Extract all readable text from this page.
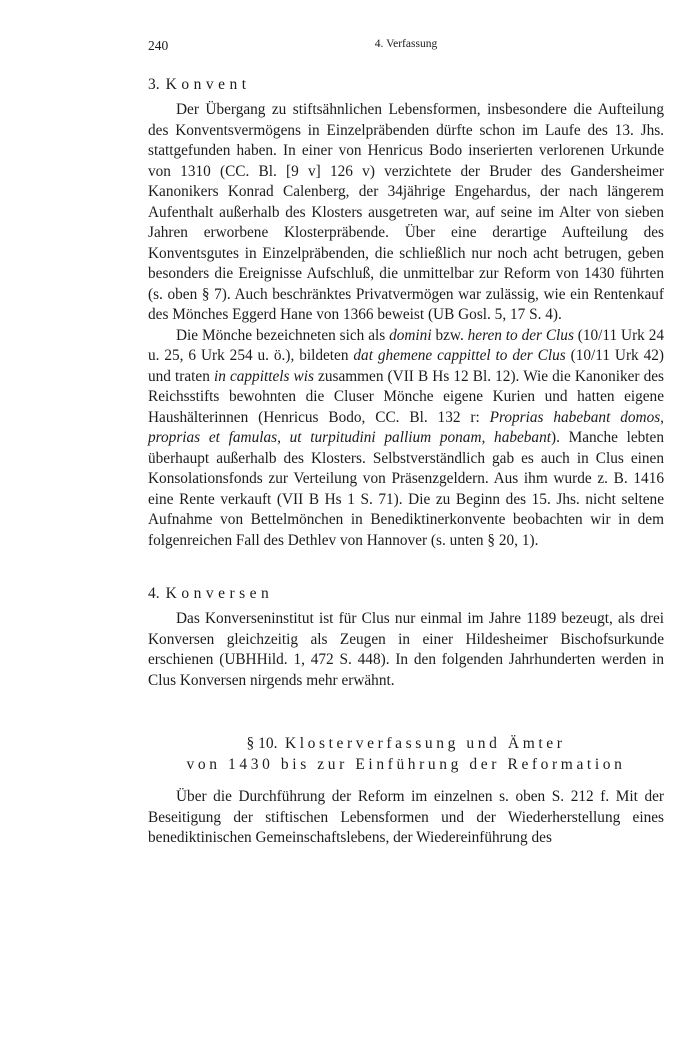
240	4. Verfassung
3. Konvent

Der Übergang zu stiftsähnlichen Lebensformen, insbesondere die Aufteilung des Konventsvermögens in Einzelpräbenden dürfte schon im Laufe des 13. Jhs. stattgefunden haben. In einer von Henricus Bodo inserierten verlorenen Urkunde von 1310 (CC. Bl. [9 v] 126 v) verzichtete der Bruder des Gandersheimer Kanonikers Konrad Calenberg, der 34jährige Engehardus, der nach längerem Aufenthalt außerhalb des Klosters ausgetreten war, auf seine im Alter von sieben Jahren erworbene Klosterpräbende. Über eine derartige Aufteilung des Konventsgutes in Einzelpräbenden, die schließlich nur noch acht betrugen, geben besonders die Ereignisse Aufschluß, die unmittelbar zur Reform von 1430 führten (s. oben § 7). Auch beschränktes Privatvermögen war zulässig, wie ein Rentenkauf des Mönches Eggerd Hane von 1366 beweist (UB Gosl. 5, 17 S. 4).

Die Mönche bezeichneten sich als domini bzw. heren to der Clus (10/11 Urk 24 u. 25, 6 Urk 254 u. ö.), bildeten dat ghemene cappittel to der Clus (10/11 Urk 42) und traten in cappittels wis zusammen (VII B Hs 12 Bl. 12). Wie die Kanoniker des Reichsstifts bewohnten die Cluser Mönche eigene Kurien und hatten eigene Haushälterinnen (Henricus Bodo, CC. Bl. 132 r: Proprias habebant domos, proprias et famulas, ut turpitudini pallium ponam, habebant). Manche lebten überhaupt außerhalb des Klosters. Selbstverständlich gab es auch in Clus einen Konsolationsfonds zur Verteilung von Präsenzgeldern. Aus ihm wurde z. B. 1416 eine Rente verkauft (VII B Hs 1 S. 71). Die zu Beginn des 15. Jhs. nicht seltene Aufnahme von Bettelmönchen in Benediktinerkonvente beobachten wir in dem folgenreichen Fall des Dethlev von Hannover (s. unten § 20, 1).

4. Konversen

Das Konverseninstitut ist für Clus nur einmal im Jahre 1189 bezeugt, als drei Konversen gleichzeitig als Zeugen in einer Hildesheimer Bischofsurkunde erschienen (UBHHild. 1, 472 S. 448). In den folgenden Jahrhunderten werden in Clus Konversen nirgends mehr erwähnt.

§ 10. Klosterverfassung und Ämter
von 1430 bis zur Einführung der Reformation

Über die Durchführung der Reform im einzelnen s. oben S. 212 f. Mit der Beseitigung der stiftischen Lebensformen und der Wiederherstellung eines benediktinischen Gemeinschaftslebens, der Wiedereinführung des
